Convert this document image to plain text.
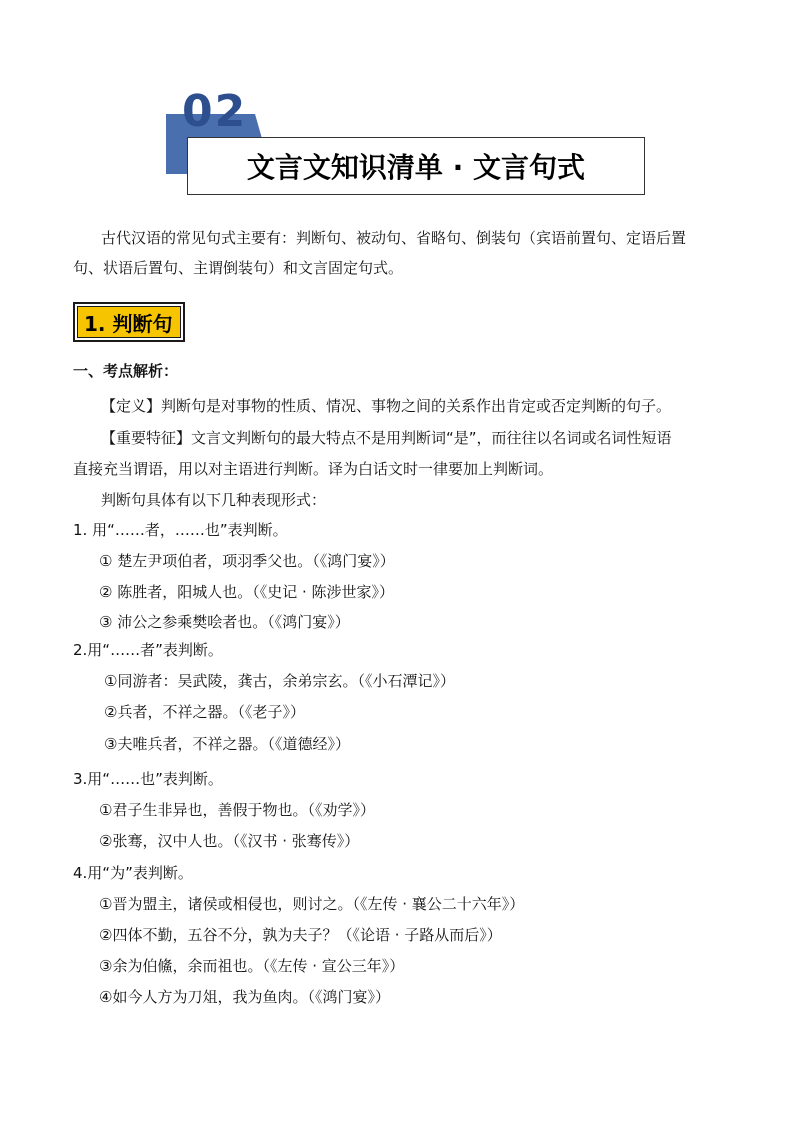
02
文言文知识清单 · 文言句式
古代汉语的常见句式主要有：判断句、被动句、省略句、倒装句（宾语前置句、定语后置
句、状语后置句、主谓倒装句）和文言固定句式。
1. 判断句
一、考点解析：
【定义】判断句是对事物的性质、情况、事物之间的关系作出肯定或否定判断的句子。
【重要特征】文言文判断句的最大特点不是用判断词“是”，而往往以名词或名词性短语
直接充当谓语，用以对主语进行判断。译为白话文时一律要加上判断词。
判断句具体有以下几种表现形式：
1. 用“……者，……也”表判断。
① 楚左尹项伯者，项羽季父也。（《鸿门宴》）
② 陈胜者，阳城人也。（《史记 · 陈涉世家》）
③ 沛公之参乘樊哙者也。（《鸿门宴》）
2.用“……者”表判断。
①同游者：吴武陵，龚古，余弟宗玄。（《小石潭记》）
②兵者，不祥之器。（《老子》）
③夫唯兵者，不祥之器。（《道德经》）
3.用“……也”表判断。
①君子生非异也，善假于物也。（《劝学》）
②张骞，汉中人也。（《汉书 · 张骞传》）
4.用“为”表判断。
①晋为盟主，诸侯或相侵也，则讨之。（《左传 · 襄公二十六年》）
②四体不勤，五谷不分，孰为夫子？（《论语 · 子路从而后》）
③余为伯鯈，余而祖也。（《左传 · 宣公三年》）
④如今人方为刀俎，我为鱼肉。（《鸿门宴》）
